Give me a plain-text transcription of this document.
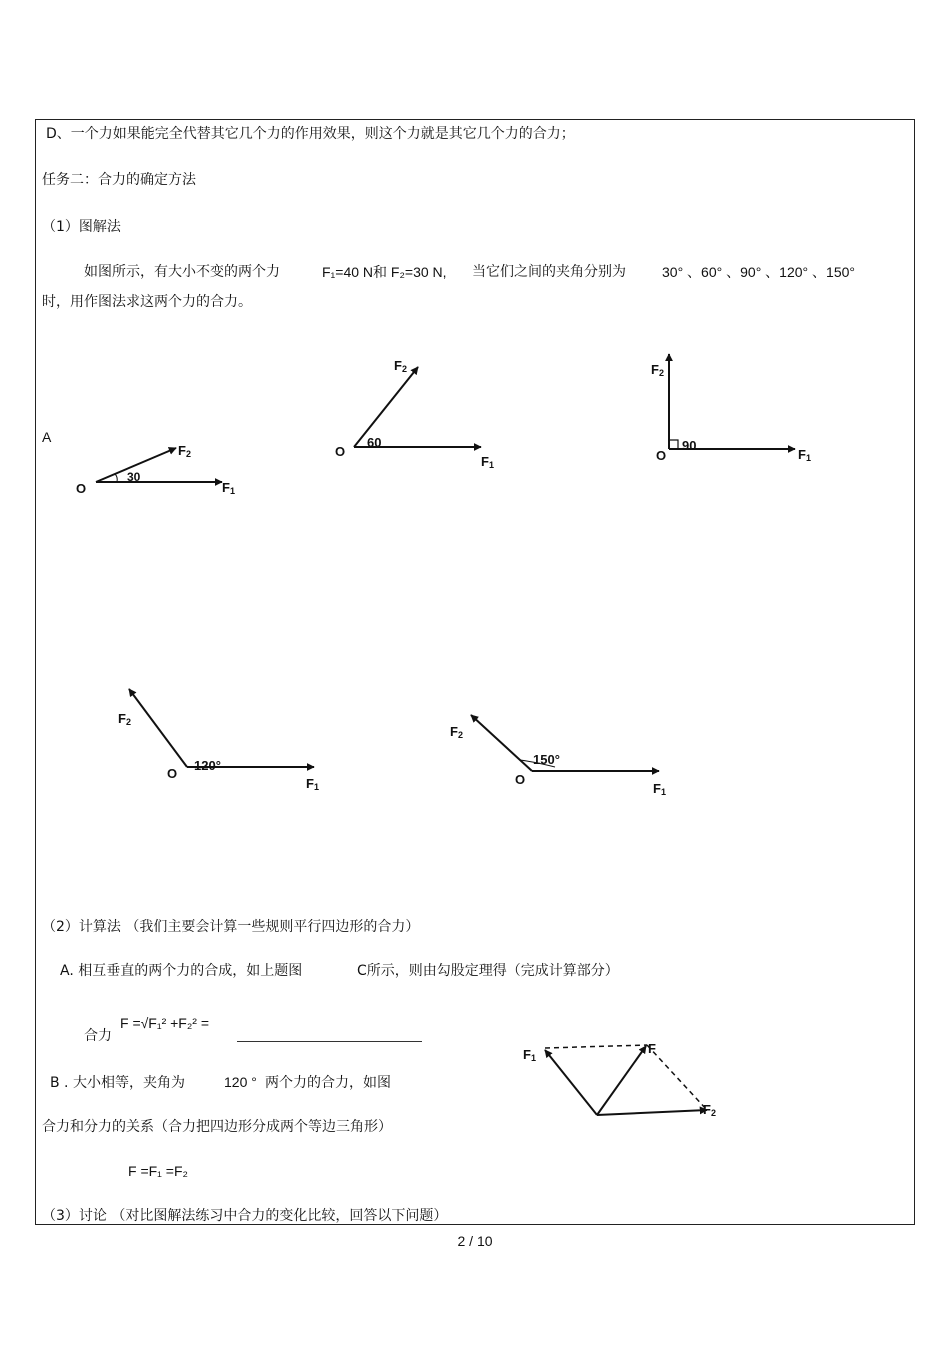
D、一个力如果能完全代替其它几个力的作用效果，则这个力就是其它几个力的合力；
任务二：合力的确定方法
（1）图解法
如图所示，有大小不变的两个力	F₁=40 N和 F₂=30 N, 当它们之间的夹角分别为	30° 、60° 、90° 、120° 、150°
时，用作图法求这两个力的合力。
A
O	$F_1$
$F_2$
30
O
$F_1$
$F_2$
60
O	$F_1$
$F_2$
90
O
$F_1$
$F_2$
120°
O
$F_1$
$F_2$
150°
$F_1$
F
$F_2$
（2）计算法 （我们主要会计算一些规则平行四边形的合力）
A. 相互垂直的两个力的合成，如上题图	C所示，则由勾股定理得（完成计算部分）
合力
F =√F₁² +F₂² =
B . 大小相等，夹角为	120 ° 两个力的合力，如图
合力和分力的关系（合力把四边形分成两个等边三角形）
F =F₁ =F₂
（3）讨论 （对比图解法练习中合力的变化比较，回答以下问题）
2 / 10
